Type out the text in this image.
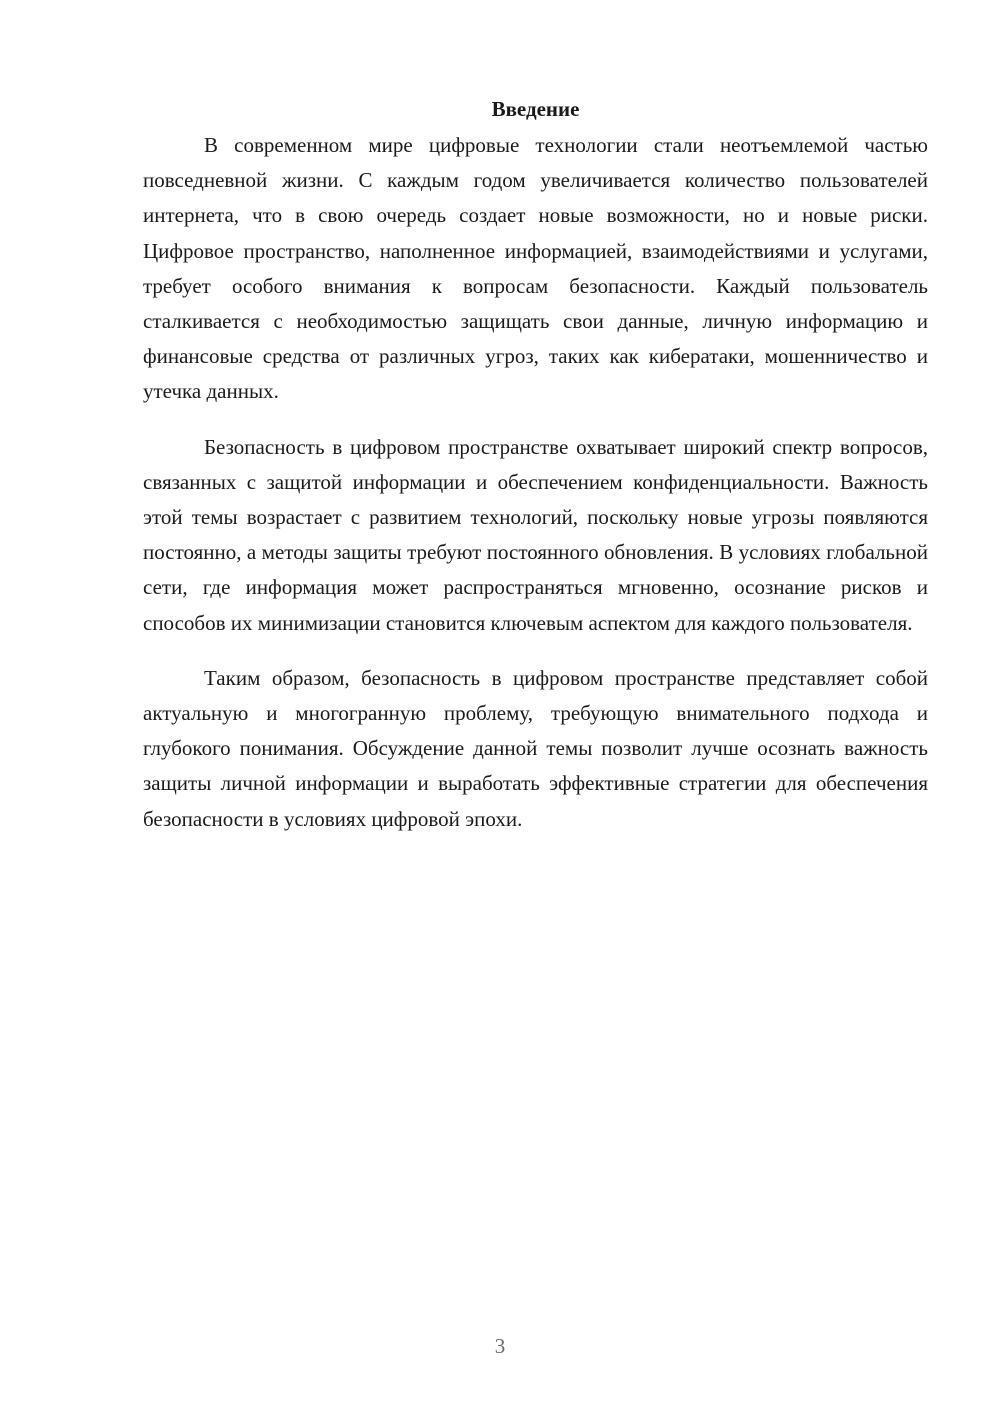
Введение

В современном мире цифровые технологии стали неотъемлемой частью повседневной жизни. С каждым годом увеличивается количество пользователей интернета, что в свою очередь создает новые возможности, но и новые риски. Цифровое пространство, наполненное информацией, взаимодействиями и услугами, требует особого внимания к вопросам безопасности. Каждый пользователь сталкивается с необходимостью защищать свои данные, личную информацию и финансовые средства от различных угроз, таких как кибератаки, мошенничество и утечка данных.

Безопасность в цифровом пространстве охватывает широкий спектр вопросов, связанных с защитой информации и обеспечением конфиденциальности. Важность этой темы возрастает с развитием технологий, поскольку новые угрозы появляются постоянно, а методы защиты требуют постоянного обновления. В условиях глобальной сети, где информация может распространяться мгновенно, осознание рисков и способов их минимизации становится ключевым аспектом для каждого пользователя.

Таким образом, безопасность в цифровом пространстве представляет собой актуальную и многогранную проблему, требующую внимательного подхода и глубокого понимания. Обсуждение данной темы позволит лучше осознать важность защиты личной информации и выработать эффективные стратегии для обеспечения безопасности в условиях цифровой эпохи.

3
